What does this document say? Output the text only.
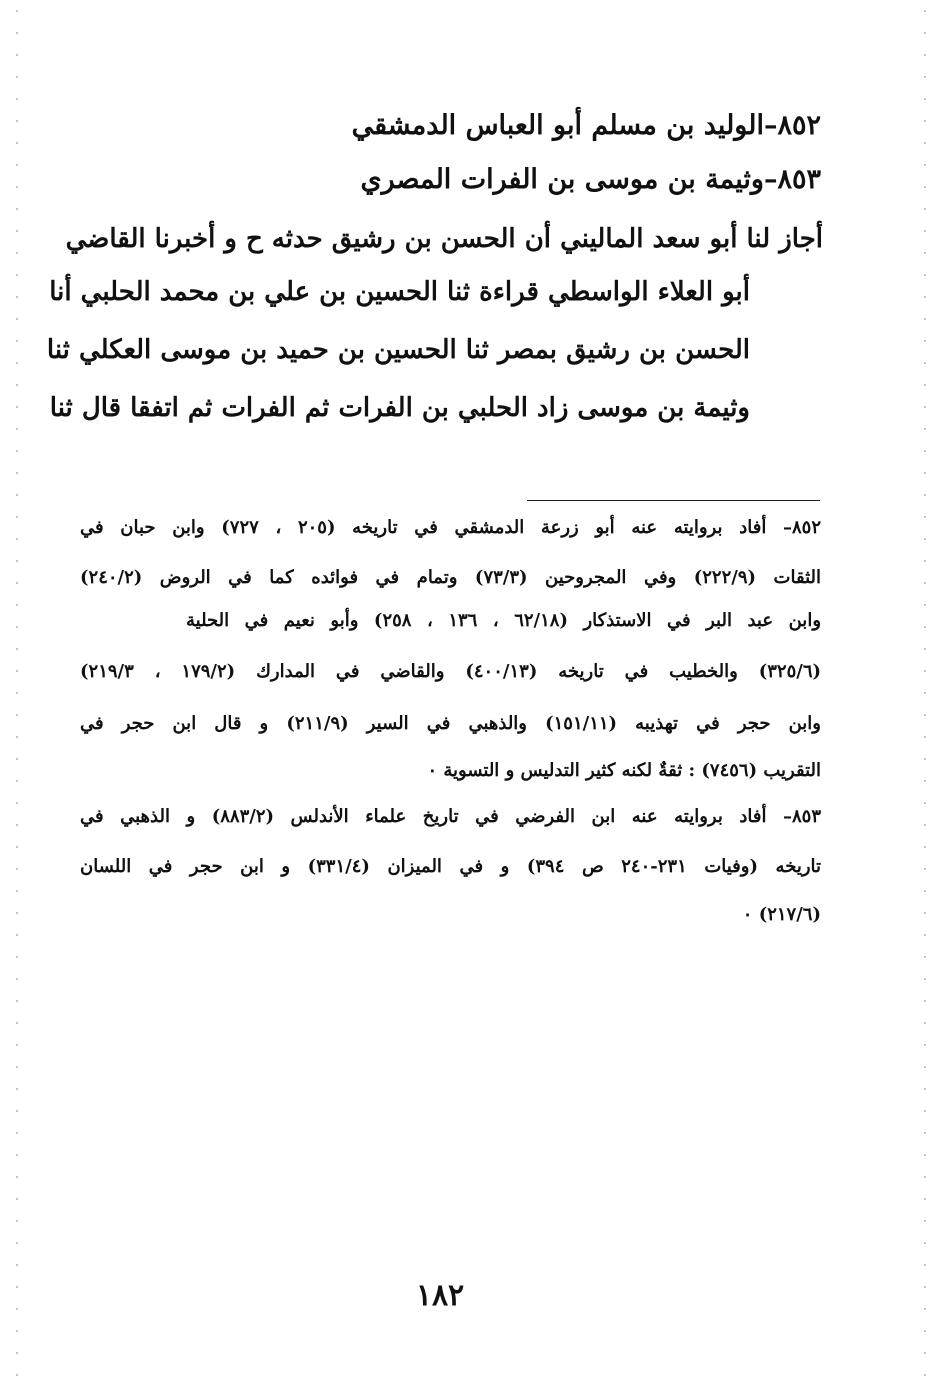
٨٥٢–الوليد بن مسلم أبو العباس الدمشقي
٨٥٣–وثيمة بن موسى بن الفرات المصري
أجاز لنا أبو سعد الماليني أن الحسن بن رشيق حدثه ح و أخبرنا القاضي
أبو العلاء الواسطي قراءة ثنا الحسين بن علي بن محمد الحلبي أنا
الحسن بن رشيق بمصر ثنا الحسين بن حميد بن موسى العكلي ثنا
وثيمة بن موسى زاد الحلبي بن الفرات ثم الفرات ثم اتفقا قال ثنا
٨٥٢– أفاد بروايته عنه أبو زرعة الدمشقي في تاريخه (٢٠٥ ، ٧٢٧) وابن حبان في
الثقات (٢٢٢/٩) وفي المجروحين (٧٣/٣) وتمام في فوائده كما في الروض (٢٤٠/٢)
وابن عبد البر في الاستذكار (٦٢/١٨ ، ١٣٦ ، ٢٥٨) وأبو نعيم في الحلية
(٣٢٥/٦) والخطيب في تاريخه (٤٠٠/١٣) والقاضي في المدارك (١٧٩/٢ ، ٢١٩/٣)
وابن حجر في تهذيبه (١٥١/١١) والذهبي في السير (٢١١/٩) و قال ابن حجر في
التقريب (٧٤٥٦) : ثقةٌ لكنه كثير التدليس و التسوية ٠
٨٥٣– أفاد بروايته عنه ابن الفرضي في تاريخ علماء الأندلس (٨٨٣/٢) و الذهبي في
تاريخه (وفيات ٢٣١-٢٤٠ ص ٣٩٤) و في الميزان (٣٣١/٤) و ابن حجر في اللسان
(٢١٧/٦) ٠
١٨٢
